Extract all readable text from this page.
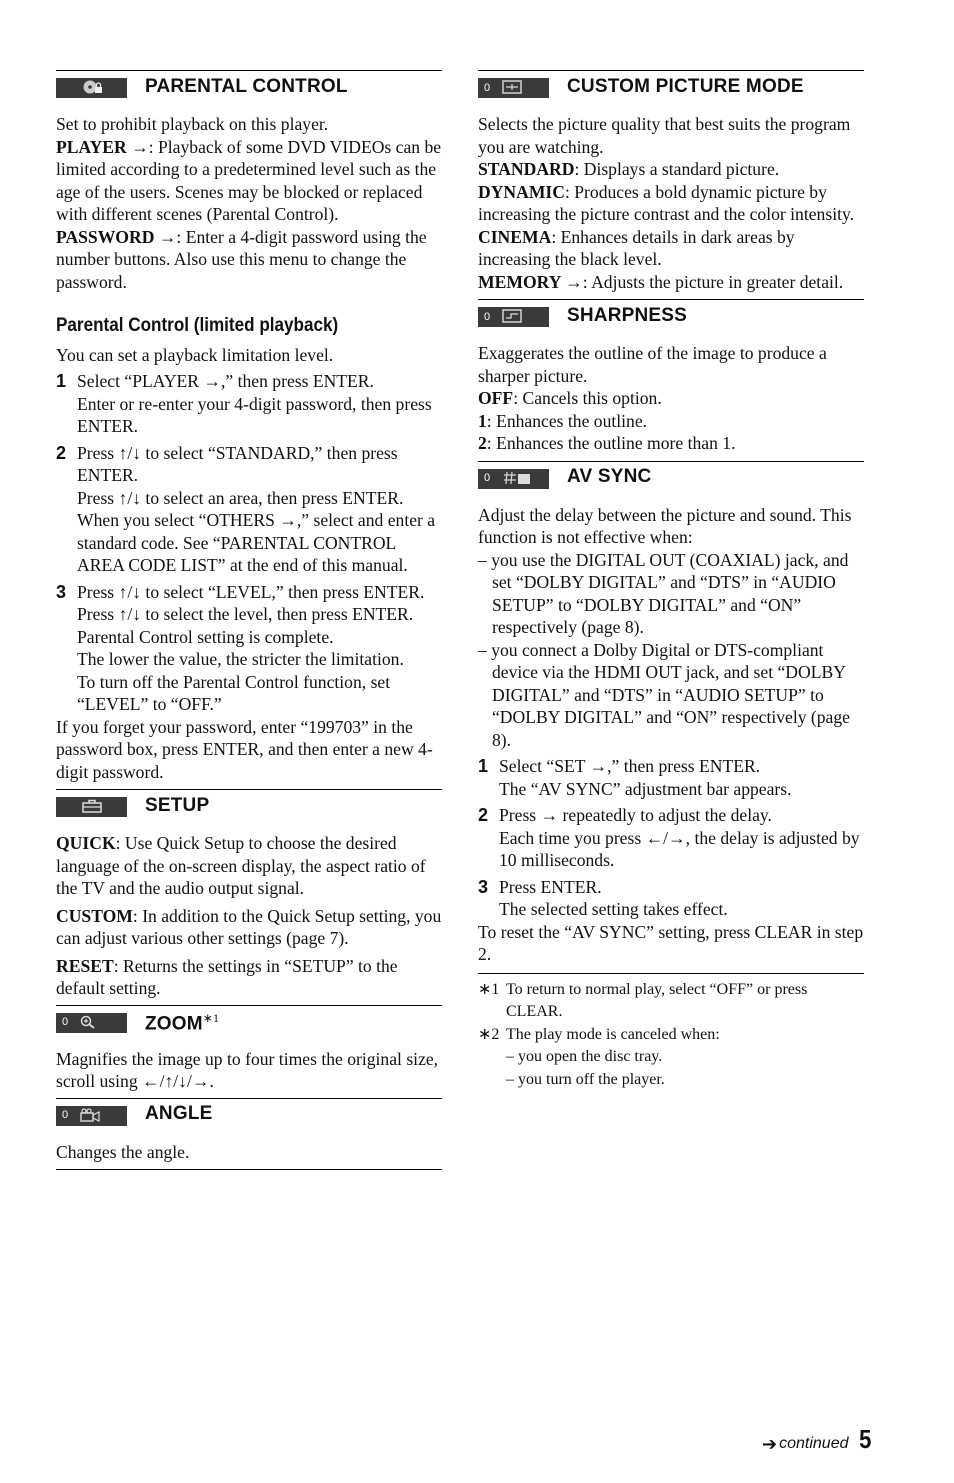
PARENTAL CONTROL

Set to prohibit playback on this player.

PLAYER →: Playback of some DVD VIDEOs can be limited according to a predetermined level such as the age of the users. Scenes may be blocked or replaced with different scenes (Parental Control).

PASSWORD →: Enter a 4-digit password using the number buttons. Also use this menu to change the password.

Parental Control (limited playback)

You can set a playback limitation level.

1 Select “PLAYER →,” then press ENTER.

Enter or re-enter your 4-digit password, then press ENTER.

2 Press ↑/↓ to select “STANDARD,” then press ENTER.

Press ↑/↓ to select an area, then press ENTER.

When you select “OTHERS →,” select and enter a standard code. See “PARENTAL CONTROL AREA CODE LIST” at the end of this manual.

3 Press ↑/↓ to select “LEVEL,” then press ENTER.

Press ↑/↓ to select the level, then press ENTER.

Parental Control setting is complete.

The lower the value, the stricter the limitation.

To turn off the Parental Control function, set “LEVEL” to “OFF.”

If you forget your password, enter “199703” in the password box, press ENTER, and then enter a new 4-digit password.

SETUP

QUICK: Use Quick Setup to choose the desired language of the on-screen display, the aspect ratio of the TV and the audio output signal.

CUSTOM: In addition to the Quick Setup setting, you can adjust various other settings (page 7).

RESET: Returns the settings in “SETUP” to the default setting.

0	$ZOOM^{∗1}$

Magnifies the image up to four times the original size, scroll using ←/↑/↓/→.

0	ANGLE

Changes the angle.

0	CUSTOM PICTURE MODE

Selects the picture quality that best suits the program you are watching.

STANDARD: Displays a standard picture.

DYNAMIC: Produces a bold dynamic picture by increasing the picture contrast and the color intensity.

CINEMA: Enhances details in dark areas by increasing the black level.

MEMORY →: Adjusts the picture in greater detail.

0	SHARPNESS

Exaggerates the outline of the image to produce a sharper picture.

OFF: Cancels this option.

1: Enhances the outline.

2: Enhances the outline more than 1.

0	AV SYNC

Adjust the delay between the picture and sound. This function is not effective when:

– you use the DIGITAL OUT (COAXIAL) jack, and set “DOLBY DIGITAL” and “DTS” in “AUDIO SETUP” to “DOLBY DIGITAL” and “ON” respectively (page 8).

– you connect a Dolby Digital or DTS-compliant device via the HDMI OUT jack, and set “DOLBY DIGITAL” and “DTS” in “AUDIO SETUP” to “DOLBY DIGITAL” and “ON” respectively (page 8).

1 Select “SET →,” then press ENTER.

The “AV SYNC” adjustment bar appears.

2 Press → repeatedly to adjust the delay.

Each time you press ←/→, the delay is adjusted by 10 milliseconds.

3 Press ENTER.

The selected setting takes effect.

To reset the “AV SYNC” setting, press CLEAR in step 2.

∗1 To return to normal play, select “OFF” or press CLEAR.

∗2 The play mode is canceled when:

– you open the disc tray.

– you turn off the player.

➔ continued 5
